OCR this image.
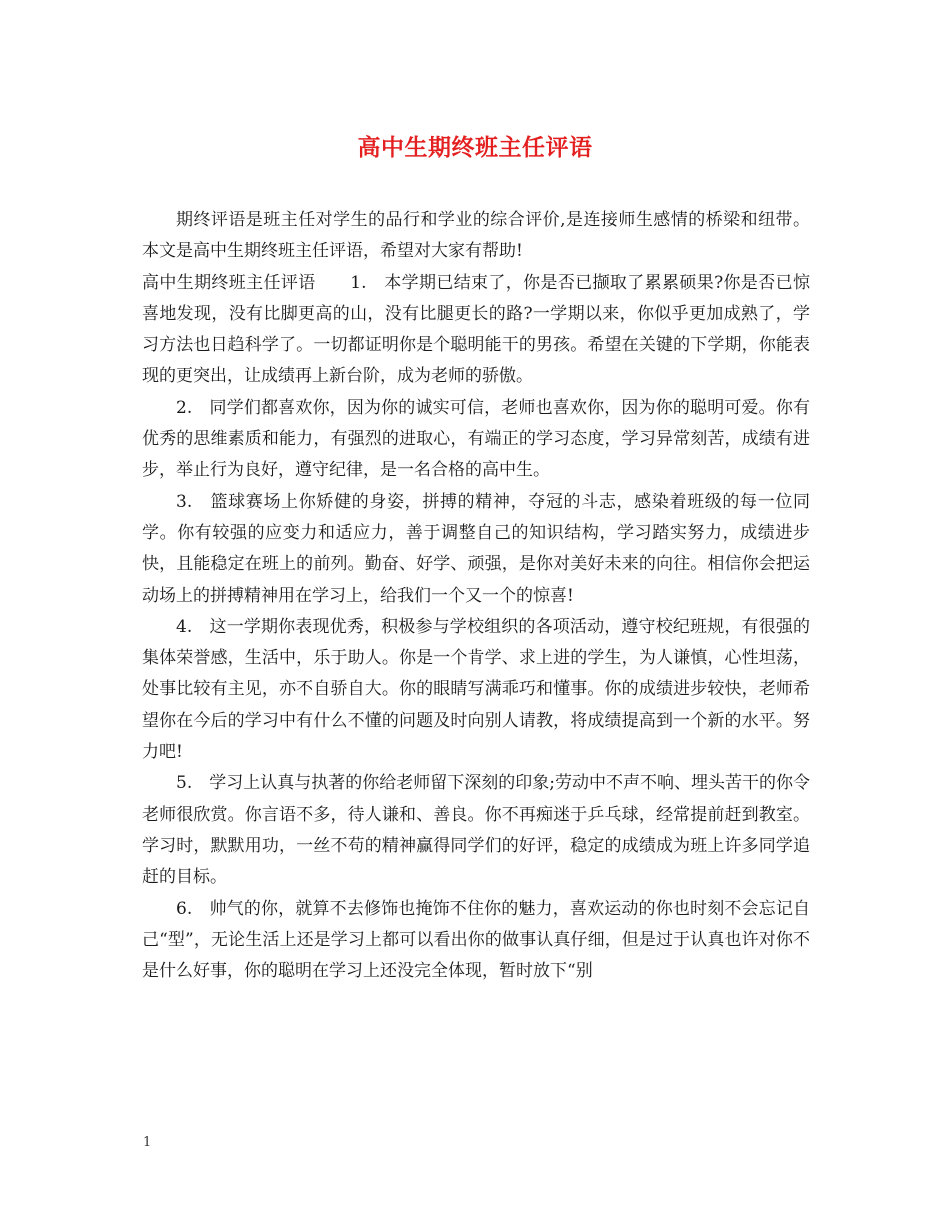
高中生期终班主任评语

期终评语是班主任对学生的品行和学业的综合评价,是连接师生感情的桥梁和纽带。本文是高中生期终班主任评语，希望对大家有帮助!

高中生期终班主任评语　　1.　本学期已结束了，你是否已撷取了累累硕果?你是否已惊喜地发现，没有比脚更高的山，没有比腿更长的路?一学期以来，你似乎更加成熟了，学习方法也日趋科学了。一切都证明你是个聪明能干的男孩。希望在关键的下学期，你能表现的更突出，让成绩再上新台阶，成为老师的骄傲。

2.　同学们都喜欢你，因为你的诚实可信，老师也喜欢你，因为你的聪明可爱。你有优秀的思维素质和能力，有强烈的进取心，有端正的学习态度，学习异常刻苦，成绩有进步，举止行为良好，遵守纪律，是一名合格的高中生。

3.　篮球赛场上你矫健的身姿，拼搏的精神，夺冠的斗志，感染着班级的每一位同学。你有较强的应变力和适应力，善于调整自己的知识结构，学习踏实努力，成绩进步快，且能稳定在班上的前列。勤奋、好学、顽强，是你对美好未来的向往。相信你会把运动场上的拼搏精神用在学习上，给我们一个又一个的惊喜!

4.　这一学期你表现优秀，积极参与学校组织的各项活动，遵守校纪班规，有很强的集体荣誉感，生活中，乐于助人。你是一个肯学、求上进的学生，为人谦慎，心性坦荡，处事比较有主见，亦不自骄自大。你的眼睛写满乖巧和懂事。你的成绩进步较快，老师希望你在今后的学习中有什么不懂的问题及时向别人请教，将成绩提高到一个新的水平。努力吧!

5.　学习上认真与执著的你给老师留下深刻的印象;劳动中不声不响、埋头苦干的你令老师很欣赏。你言语不多，待人谦和、善良。你不再痴迷于乒乓球，经常提前赶到教室。学习时，默默用功，一丝不苟的精神赢得同学们的好评，稳定的成绩成为班上许多同学追赶的目标。

6.　帅气的你，就算不去修饰也掩饰不住你的魅力，喜欢运动的你也时刻不会忘记自己“型”，无论生活上还是学习上都可以看出你的做事认真仔细，但是过于认真也许对你不是什么好事，你的聪明在学习上还没完全体现，暂时放下“别

1
